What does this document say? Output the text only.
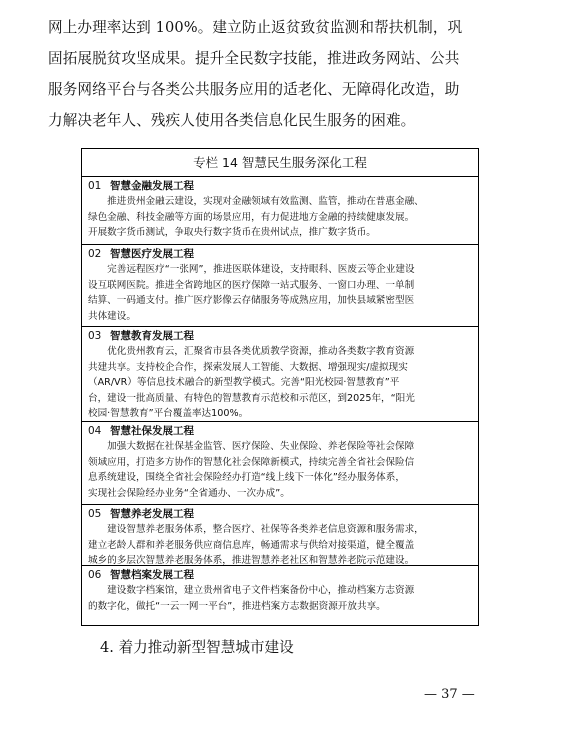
网上办理率达到 100%。建立防止返贫致贫监测和帮扶机制，巩
固拓展脱贫攻坚成果。提升全民数字技能，推进政务网站、公共
服务网络平台与各类公共服务应用的适老化、无障碍化改造，助
力解决老年人、残疾人使用各类信息化民生服务的困难。
专栏 14 智慧民生服务深化工程
01 智慧金融发展工程
　　推进贵州金融云建设，实现对金融领域有效监测、监管，推动在普惠金融、
绿色金融、科技金融等方面的场景应用，有力促进地方金融的持续健康发展。
开展数字货币测试，争取央行数字货币在贵州试点，推广数字货币。
02 智慧医疗发展工程
　　完善远程医疗“一张网”，推进医联体建设，支持眼科、医废云等企业建设
设互联网医院。推进全省跨地区的医疗保障一站式服务、一窗口办理、一单制
结算、一码通支付。推广医疗影像云存储服务等成熟应用，加快县域紧密型医
共体建设。
03 智慧教育发展工程
　　优化贵州教育云，汇聚省市县各类优质教学资源，推动各类数字教育资源
共建共享。支持校企合作，探索发展人工智能、大数据、增强现实/虚拟现实
（AR/VR）等信息技术融合的新型教学模式。完善“阳光校园·智慧教育”平
台，建设一批高质量、有特色的智慧教育示范校和示范区，到2025年，“阳光
校园·智慧教育”平台覆盖率达100%。
04 智慧社保发展工程
　　加强大数据在社保基金监管、医疗保险、失业保险、养老保险等社会保障
领域应用，打造多方协作的智慧化社会保障新模式，持续完善全省社会保险信
息系统建设，围绕全省社会保险经办打造“线上线下一体化”经办服务体系，
实现社会保险经办业务“全省通办、一次办成”。
05 智慧养老发展工程
　　建设智慧养老服务体系，整合医疗、社保等各类养老信息资源和服务需求，
建立老龄人群和养老服务供应商信息库，畅通需求与供给对接渠道，健全覆盖
城乡的多层次智慧养老服务体系，推进智慧养老社区和智慧养老院示范建设。
06 智慧档案发展工程
　　建设数字档案馆，建立贵州省电子文件档案备份中心，推动档案方志资源
的数字化，做托“一云一网一平台”，推进档案方志数据资源开放共享。
4. 着力推动新型智慧城市建设
— 37 —
